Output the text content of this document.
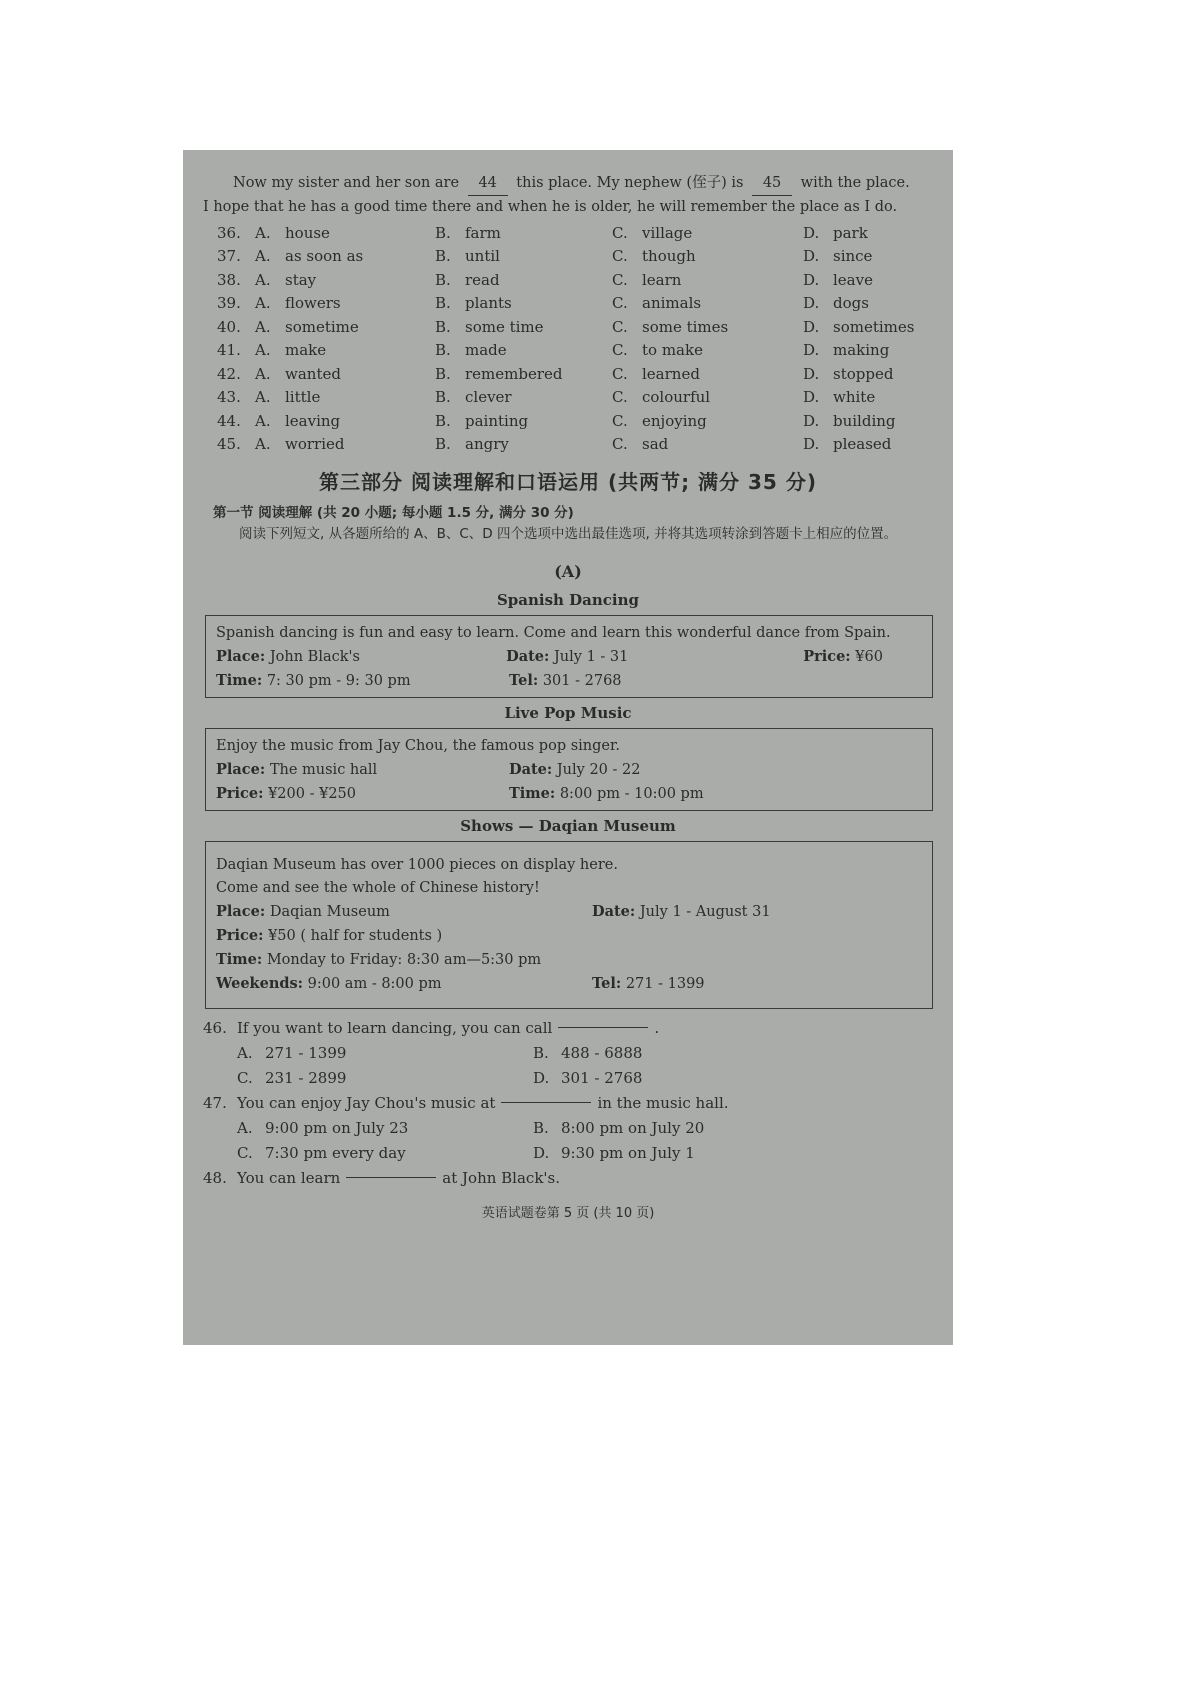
Now my sister and her son are 44 this place. My nephew (侄子) is 45 with the place.
I hope that he has a good time there and when he is older, he will remember the place as I do.
36. A. house	B. farm	C. village	D. park
37. A. as soon as	B. until	C. though	D. since
38. A. stay	B. read	C. learn	D. leave
39. A. flowers	B. plants	C. animals	D. dogs
40. A. sometime	B. some time	C. some times	D. sometimes
41. A. make	B. made	C. to make	D. making
42. A. wanted	B. remembered	C. learned	D. stopped
43. A. little	B. clever	C. colourful	D. white
44. A. leaving	B. painting	C. enjoying	D. building
45. A. worried	B. angry	C. sad	D. pleased
第三部分 阅读理解和口语运用 (共两节; 满分 35 分)
第一节 阅读理解 (共 20 小题; 每小题 1.5 分, 满分 30 分)
阅读下列短文, 从各题所给的 A、B、C、D 四个选项中选出最佳选项, 并将其选项转涂到答题卡上相应的位置。
(A)
Spanish Dancing
Spanish dancing is fun and easy to learn. Come and learn this wonderful dance from Spain.
Place: John Black's	Date: July 1 - 31	Price: ¥60
Time: 7: 30 pm - 9: 30 pm	Tel: 301 - 2768
Live Pop Music
Enjoy the music from Jay Chou, the famous pop singer.
Place: The music hall	Date: July 20 - 22
Price: ¥200 - ¥250	Time: 8:00 pm - 10:00 pm
Shows — Daqian Museum
Daqian Museum has over 1000 pieces on display here.
Come and see the whole of Chinese history!
Place: Daqian Museum	Date: July 1 - August 31
Price: ¥50 ( half for students )
Time: Monday to Friday: 8:30 am—5:30 pm
Weekends: 9:00 am - 8:00 pm	Tel: 271 - 1399
46. If you want to learn dancing, you can call	.
A. 271 - 1399	B. 488 - 6888
C. 231 - 2899	D. 301 - 2768
47. You can enjoy Jay Chou's music at	in the music hall.
A. 9:00 pm on July 23	B. 8:00 pm on July 20
C. 7:30 pm every day	D. 9:30 pm on July 1
48. You can learn	at John Black's.
英语试题卷第 5 页 (共 10 页)
